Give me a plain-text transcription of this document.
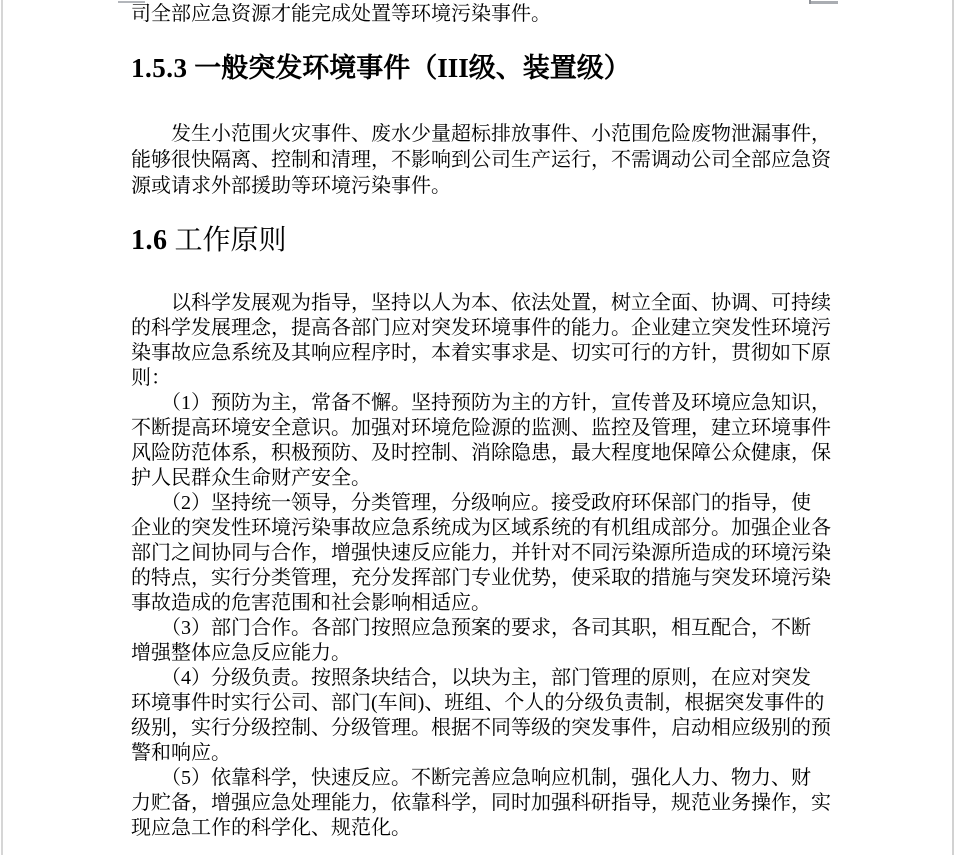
司全部应急资源才能完成处置等环境污染事件。
1.5.3 一般突发环境事件（III级、装置级）
　　发生小范围火灾事件、废水少量超标排放事件、小范围危险废物泄漏事件，
能够很快隔离、控制和清理，不影响到公司生产运行，不需调动公司全部应急资
源或请求外部援助等环境污染事件。
1.6 工作原则
　　以科学发展观为指导，坚持以人为本、依法处置，树立全面、协调、可持续
的科学发展理念，提高各部门应对突发环境事件的能力。企业建立突发性环境污
染事故应急系统及其响应程序时，本着实事求是、切实可行的方针，贯彻如下原
则：
　　（1）预防为主，常备不懈。坚持预防为主的方针，宣传普及环境应急知识，
不断提高环境安全意识。加强对环境危险源的监测、监控及管理，建立环境事件
风险防范体系，积极预防、及时控制、消除隐患，最大程度地保障公众健康，保
护人民群众生命财产安全。
　　（2）坚持统一领导，分类管理，分级响应。接受政府环保部门的指导，使
企业的突发性环境污染事故应急系统成为区域系统的有机组成部分。加强企业各
部门之间协同与合作，增强快速反应能力，并针对不同污染源所造成的环境污染
的特点，实行分类管理，充分发挥部门专业优势，使采取的措施与突发环境污染
事故造成的危害范围和社会影响相适应。
　　（3）部门合作。各部门按照应急预案的要求，各司其职，相互配合，不断
增强整体应急反应能力。
　　（4）分级负责。按照条块结合，以块为主，部门管理的原则，在应对突发
环境事件时实行公司、部门(车间)、班组、个人的分级负责制，根据突发事件的
级别，实行分级控制、分级管理。根据不同等级的突发事件，启动相应级别的预
警和响应。
　　（5）依靠科学，快速反应。不断完善应急响应机制，强化人力、物力、财
力贮备，增强应急处理能力，依靠科学，同时加强科研指导，规范业务操作，实
现应急工作的科学化、规范化。
